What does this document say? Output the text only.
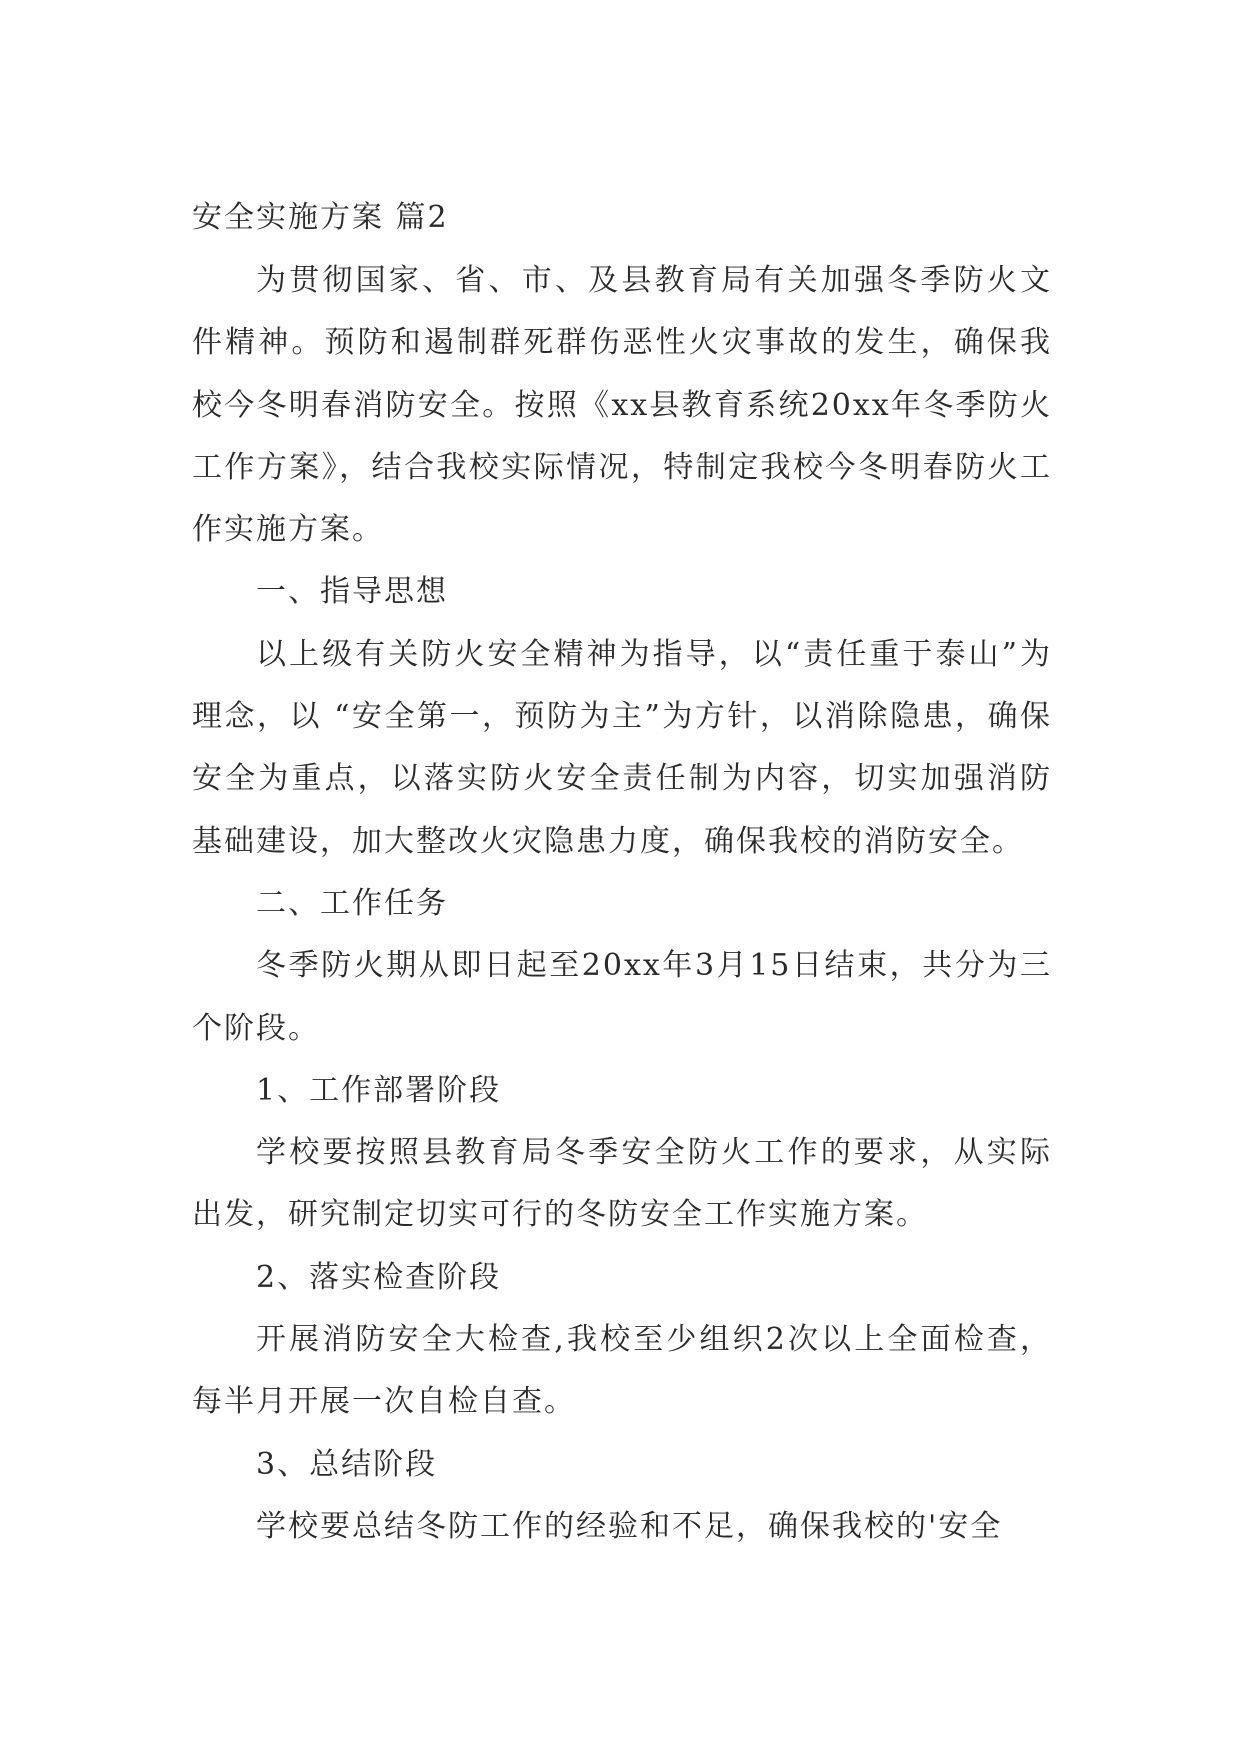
安全实施方案 篇2

为贯彻国家、省、市、及县教育局有关加强冬季防火文件精神。预防和遏制群死群伤恶性火灾事故的发生，确保我校今冬明春消防安全。按照《xx县教育系统20xx年冬季防火工作方案》，结合我校实际情况，特制定我校今冬明春防火工作实施方案。

一、指导思想

以上级有关防火安全精神为指导，以“责任重于泰山”为理念，以 “安全第一，预防为主”为方针，以消除隐患，确保安全为重点，以落实防火安全责任制为内容，切实加强消防基础建设，加大整改火灾隐患力度，确保我校的消防安全。

二、工作任务

冬季防火期从即日起至20xx年3月15日结束，共分为三个阶段。

1、工作部署阶段

学校要按照县教育局冬季安全防火工作的要求，从实际出发，研究制定切实可行的冬防安全工作实施方案。

2、落实检查阶段

开展消防安全大检查,我校至少组织2次以上全面检查，每半月开展一次自检自查。

3、总结阶段

学校要总结冬防工作的经验和不足，确保我校的'安全
